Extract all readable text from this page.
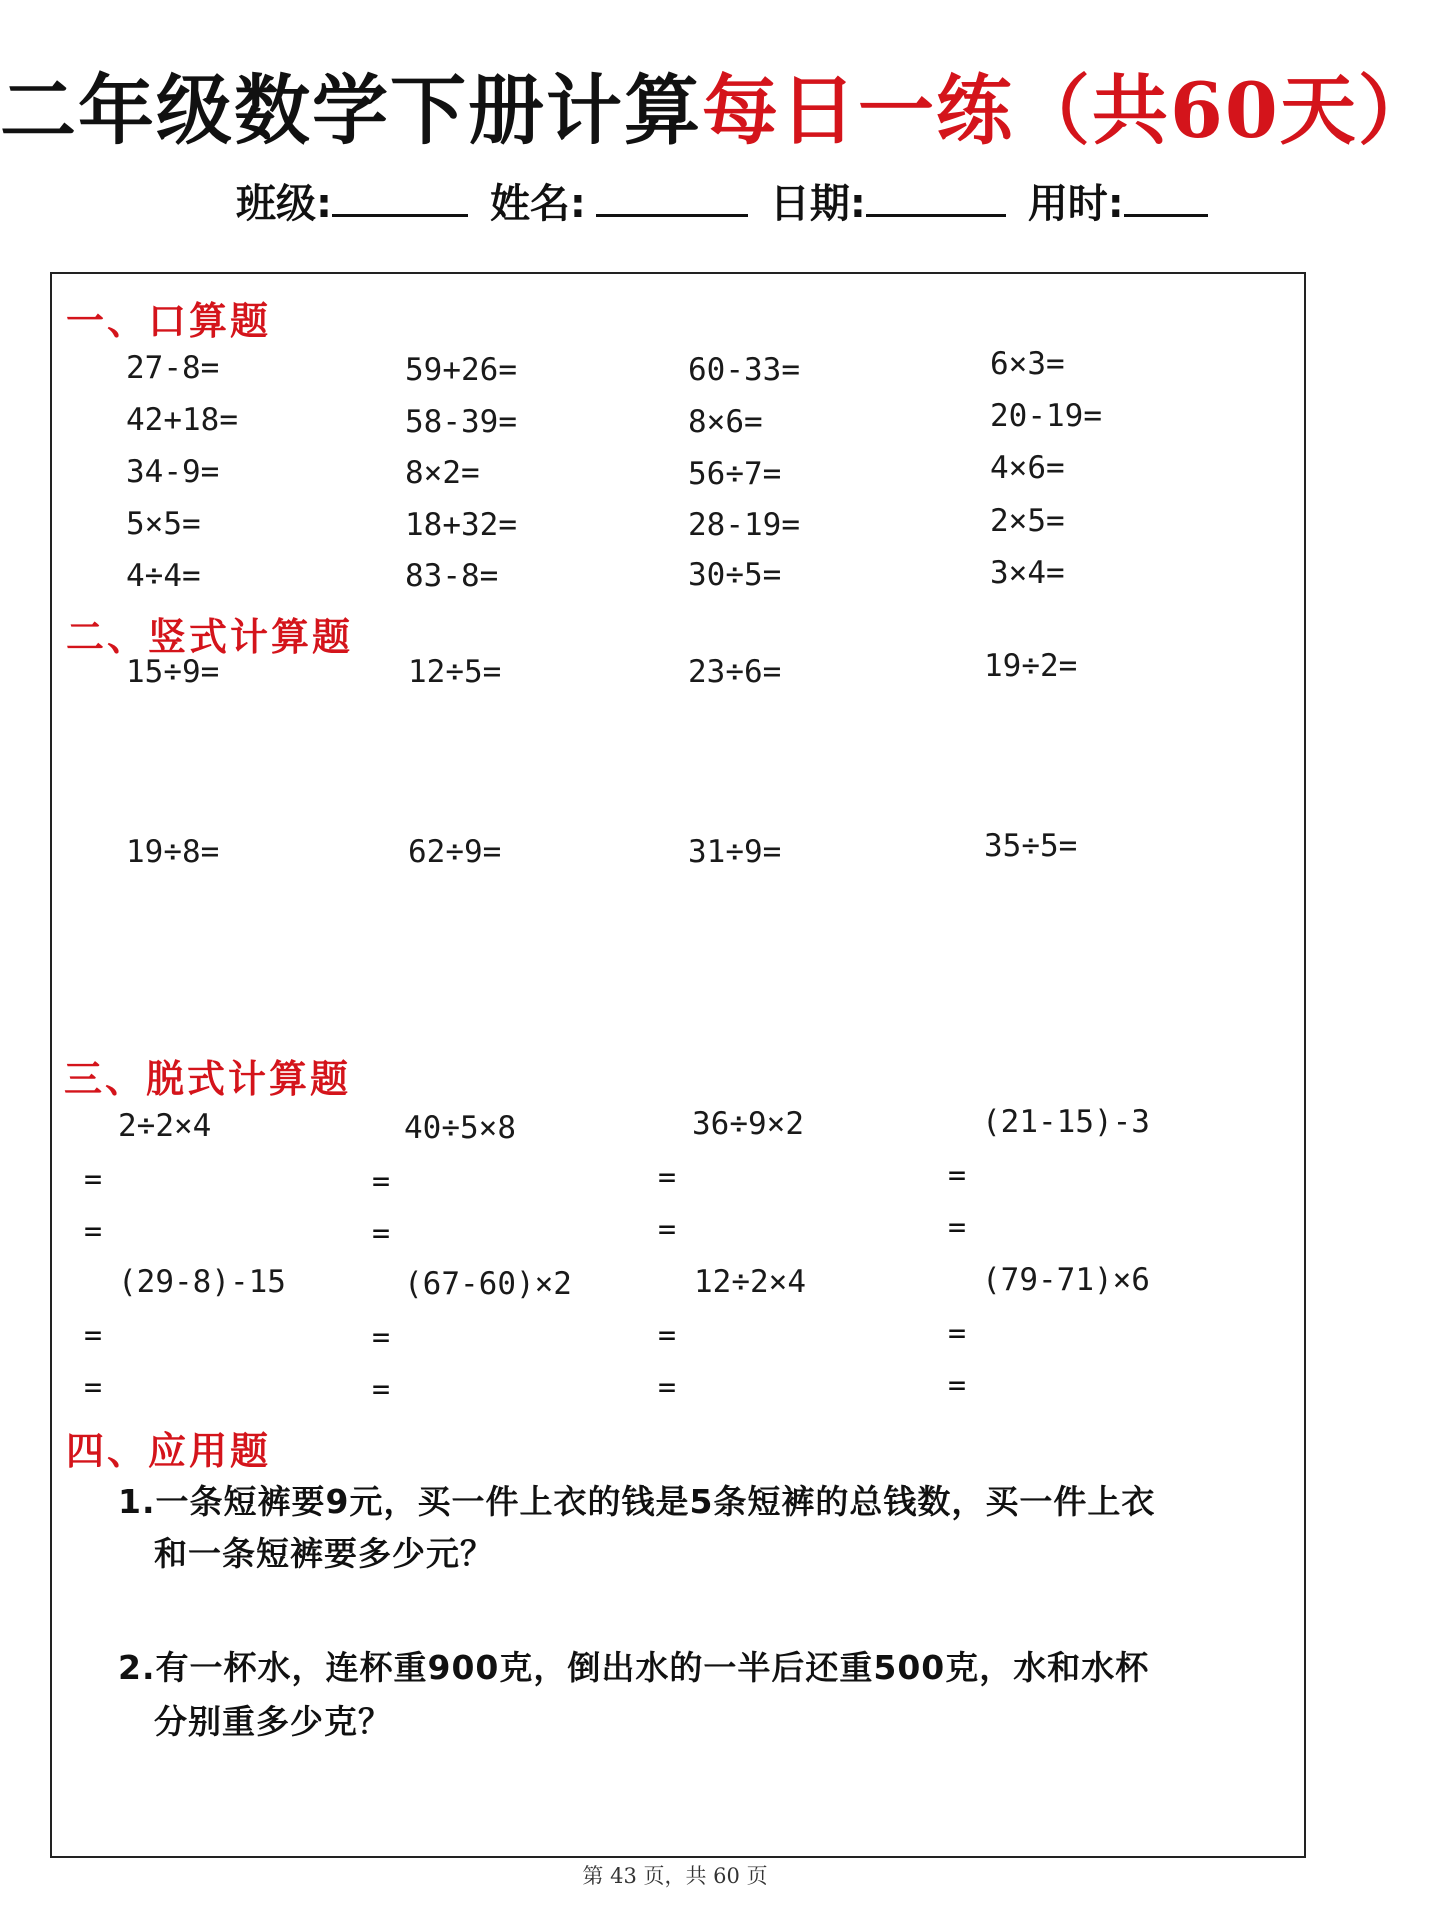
二年级数学下册计算每日一练（共60天）
班级:	姓名:	日期:	用时:
一、口算题
27-8=	59+26=	60-33=	6×3=
42+18=	58-39=	8×6=	20-19=
34-9=	8×2=	56÷7=	4×6=
5×5=	18+32=	28-19=	2×5=
4÷4=	83-8=	30÷5=	3×4=
二、竖式计算题
15÷9=	12÷5=	23÷6=	19÷2=
19÷8=	62÷9=	31÷9=	35÷5=
三、脱式计算题
2÷2×4	40÷5×8	36÷9×2	(21-15)-3
=	=	=	=
=	=	=	=
(29-8)-15	(67-60)×2	12÷2×4	(79-71)×6
=	=	=	=
=	=	=	=
四、应用题
1.一条短裤要9元，买一件上衣的钱是5条短裤的总钱数，买一件上衣
和一条短裤要多少元？
2.有一杯水，连杯重900克，倒出水的一半后还重500克，水和水杯
分别重多少克？
第 43 页，共 60 页
